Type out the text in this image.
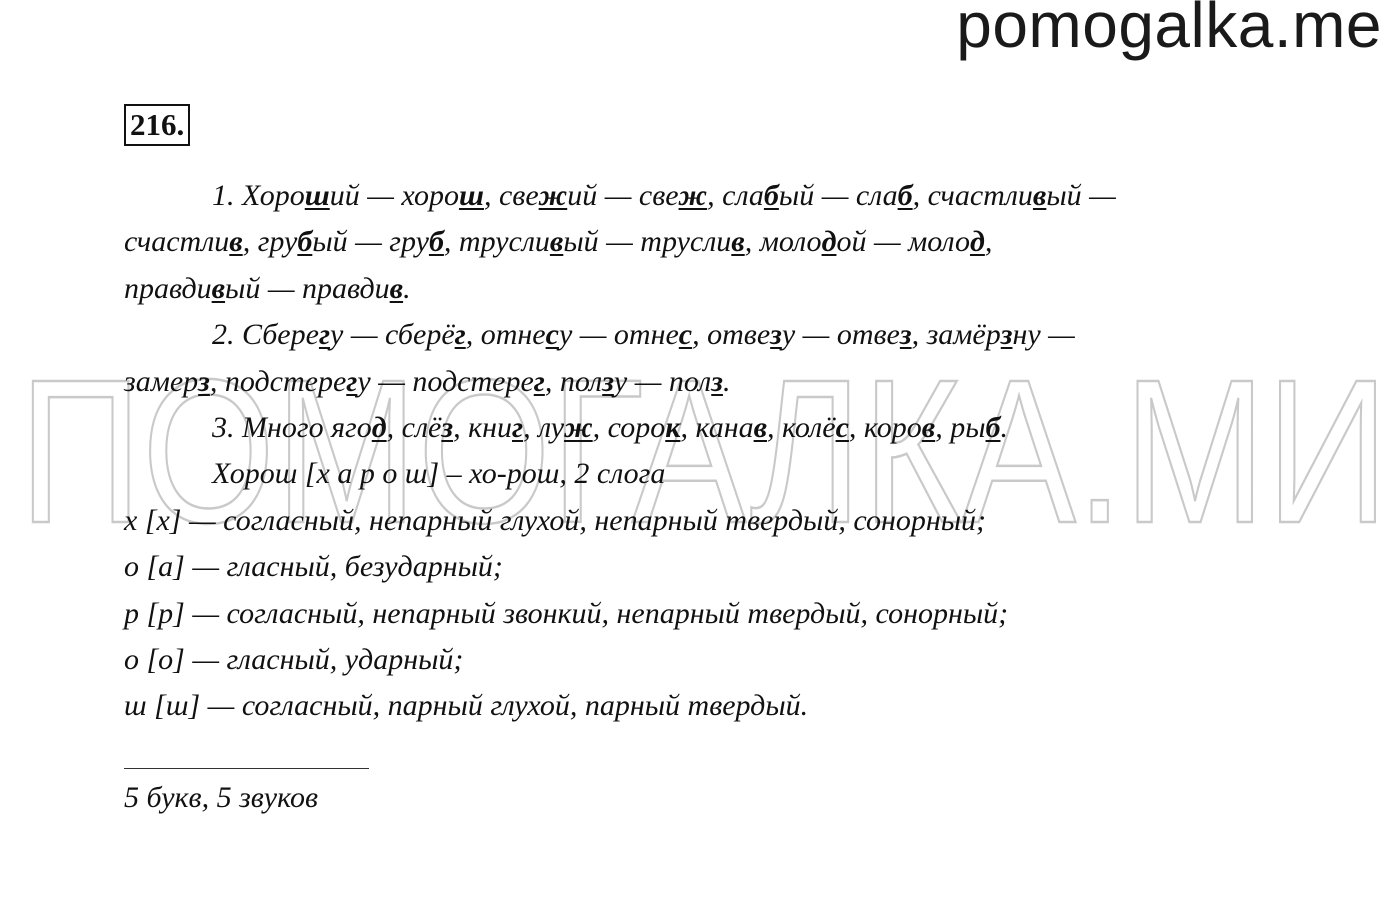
pomogalka.me
ПОМОГАЛКА.МИ
216.
1. Хороший — хорош, свежий — свеж, слабый — слаб, счастливый —
счастлив, грубый — груб, трусливый — труслив, молодой — молод,
правдивый — правдив.
2. Сберегу — сберёг, отнесу — отнес, отвезу — отвез, замёрзну —
замерз, подстерегу — подстерег, ползу — полз.
3. Много ягод, слёз, книг, луж, сорок, канав, колёс, коров, рыб.
Хорош [х а р о ш] – хо-рош, 2 слога
х [х] — согласный, непарный глухой, непарный твердый, сонорный;
о [а] — гласный, безударный;
р [р] — согласный, непарный звонкий, непарный твердый, сонорный;
о [о] — гласный, ударный;
ш [ш] — согласный, парный глухой, парный твердый.
5 букв, 5 звуков
